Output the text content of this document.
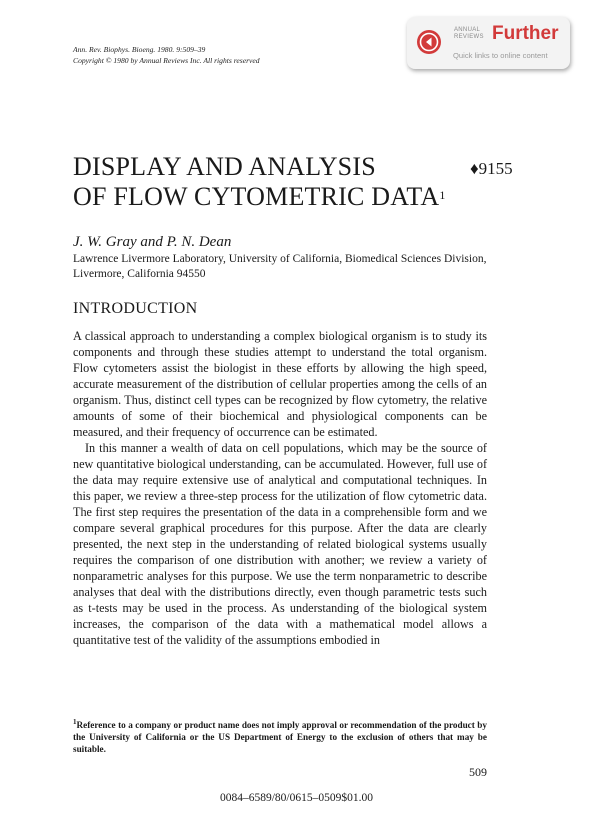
Ann. Rev. Biophys. Bioeng. 1980. 9:509–39
Copyright © 1980 by Annual Reviews Inc. All rights reserved
ANNUAL
REVIEWS Further
Quick links to online content
DISPLAY AND ANALYSIS
OF FLOW CYTOMETRIC DATA$^1$
♦9155
J. W. Gray and P. N. Dean
Lawrence Livermore Laboratory, University of California, Biomedical Sciences Division, Livermore, California 94550
INTRODUCTION

A classical approach to understanding a complex biological organism is to study its components and through these studies attempt to understand the total organism. Flow cytometers assist the biologist in these efforts by allowing the high speed, accurate measurement of the distribution of cellular properties among the cells of an organism. Thus, distinct cell types can be recognized by flow cytometry, the relative amounts of some of their biochemical and physiological components can be measured, and their frequency of occurrence can be estimated.

In this manner a wealth of data on cell populations, which may be the source of new quantitative biological understanding, can be accumulated. However, full use of the data may require extensive use of analytical and computational techniques. In this paper, we review a three-step process for the utilization of flow cytometric data. The first step requires the presentation of the data in a comprehensible form and we compare several graphical procedures for this purpose. After the data are clearly presented, the next step in the understanding of related biological systems usually requires the comparison of one distribution with another; we review a variety of nonparametric analyses for this purpose. We use the term nonparametric to describe analyses that deal with the distributions directly, even though parametric tests such as t-tests may be used in the process. As understanding of the biological system increases, the comparison of the data with a mathematical model allows a quantitative test of the validity of the assumptions embodied in

$^1$Reference to a company or product name does not imply approval or recommendation of the product by the University of California or the US Department of Energy to the exclusion of others that may be suitable.
509
0084–6589/80/0615–0509$01.00
